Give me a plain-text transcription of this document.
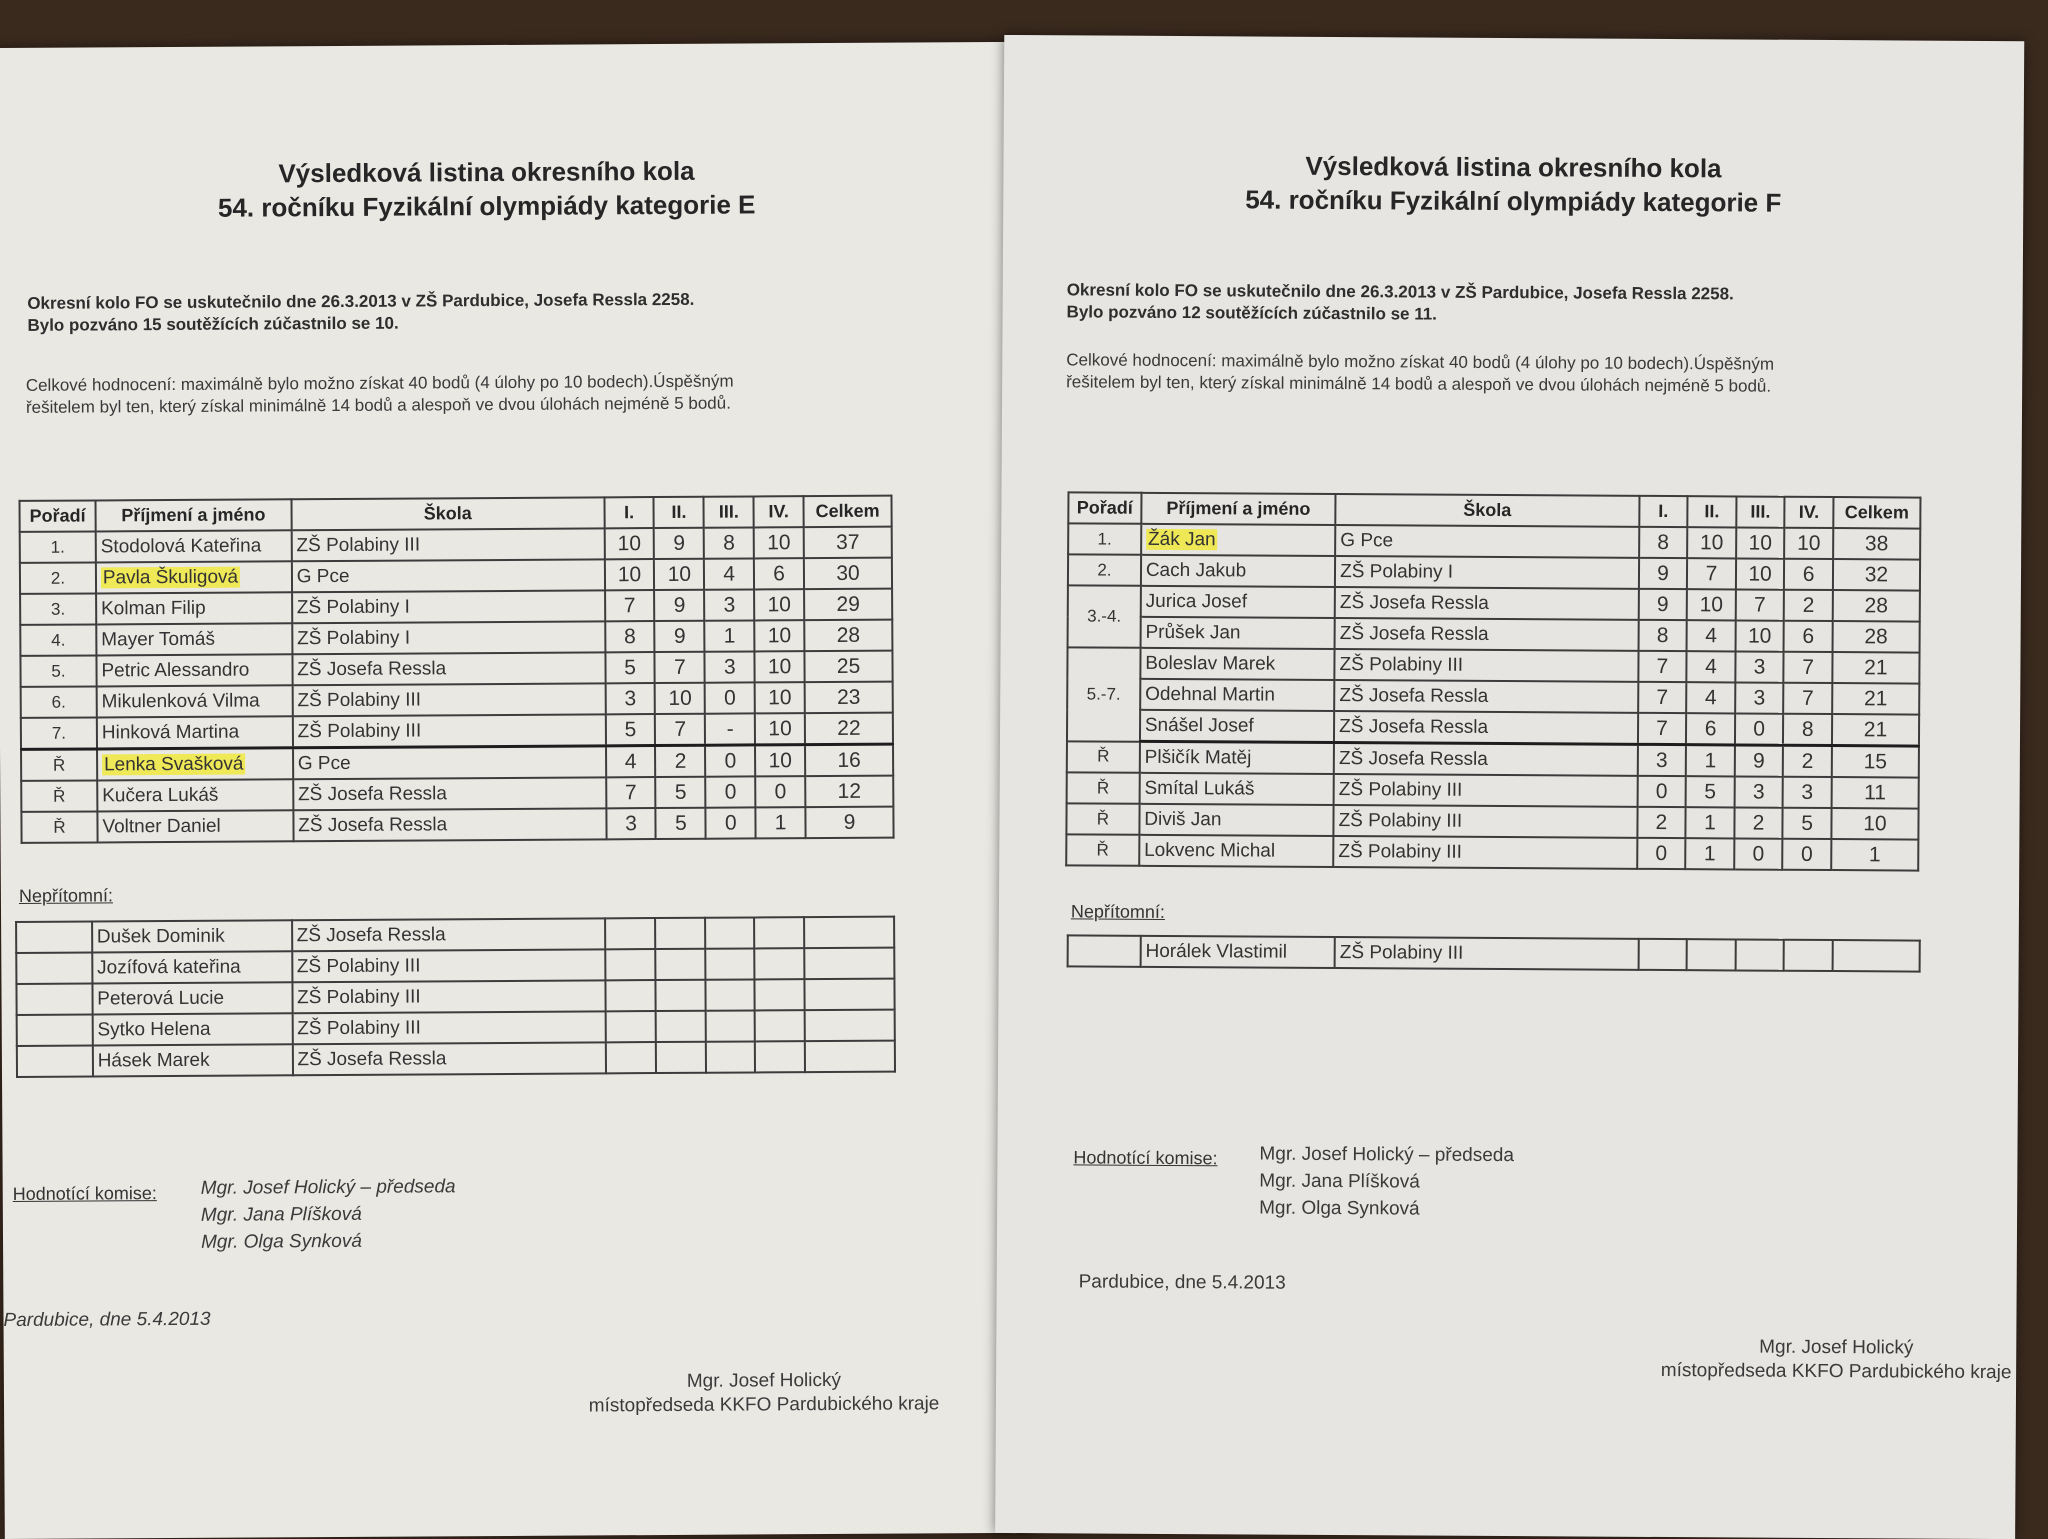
Výsledková listina okresního kola
54. ročníku Fyzikální olympiády kategorie E
Okresní kolo FO se uskutečnilo dne 26.3.2013 v ZŠ Pardubice, Josefa Ressla 2258.
Bylo pozváno 15 soutěžících zúčastnilo se 10.
Celkové hodnocení: maximálně bylo možno získat 40 bodů (4 úlohy po 10 bodech).Úspěšným
řešitelem byl ten, který získal minimálně 14 bodů a alespoň ve dvou úlohách nejméně 5 bodů.
Pořadí	Příjmení a jméno	Škola	I.	II.	III.	IV.	Celkem
1.	Stodolová Kateřina	ZŠ Polabiny III	10	9	8	10	37
2.	Pavla Škuligová	G Pce	10	10	4	6	30
3.	Kolman Filip	ZŠ Polabiny I	7	9	3	10	29
4.	Mayer Tomáš	ZŠ Polabiny I	8	9	1	10	28
5.	Petric Alessandro	ZŠ Josefa Ressla	5	7	3	10	25
6.	Mikulenková Vilma	ZŠ Polabiny III	3	10	0	10	23
7.	Hinková Martina	ZŠ Polabiny III	5	7	-	10	22
Ř	Lenka Svašková	G Pce	4	2	0	10	16
Ř	Kučera Lukáš	ZŠ Josefa Ressla	7	5	0	0	12
Ř	Voltner Daniel	ZŠ Josefa Ressla	3	5	0	1	9
Nepřítomní:
	Dušek Dominik	ZŠ Josefa Ressla					
	Jozífová kateřina	ZŠ Polabiny III					
	Peterová Lucie	ZŠ Polabiny III					
	Sytko Helena	ZŠ Polabiny III					
	Hásek Marek	ZŠ Josefa Ressla					
Hodnotící komise: Mgr. Josef Holický – předseda
Mgr. Jana Plíšková
Mgr. Olga Synková
Pardubice, dne 5.4.2013
Mgr. Josef Holický
místopředseda KKFO Pardubického kraje
Výsledková listina okresního kola
54. ročníku Fyzikální olympiády kategorie F
Okresní kolo FO se uskutečnilo dne 26.3.2013 v ZŠ Pardubice, Josefa Ressla 2258.
Bylo pozváno 12 soutěžících zúčastnilo se 11.
Celkové hodnocení: maximálně bylo možno získat 40 bodů (4 úlohy po 10 bodech).Úspěšným
řešitelem byl ten, který získal minimálně 14 bodů a alespoň ve dvou úlohách nejméně 5 bodů.
Pořadí	Příjmení a jméno	Škola	I.	II.	III.	IV.	Celkem
1.	Žák Jan	G Pce	8	10	10	10	38
2.	Cach Jakub	ZŠ Polabiny I	9	7	10	6	32
3.-4.	Jurica Josef	ZŠ Josefa Ressla	9	10	7	2	28
	Průšek Jan	ZŠ Josefa Ressla	8	4	10	6	28
5.-7.	Boleslav Marek	ZŠ Polabiny III	7	4	3	7	21
	Odehnal Martin	ZŠ Josefa Ressla	7	4	3	7	21
	Snášel Josef	ZŠ Josefa Ressla	7	6	0	8	21
Ř	Plšičík Matěj	ZŠ Josefa Ressla	3	1	9	2	15
Ř	Smítal Lukáš	ZŠ Polabiny III	0	5	3	3	11
Ř	Diviš Jan	ZŠ Polabiny III	2	1	2	5	10
Ř	Lokvenc Michal	ZŠ Polabiny III	0	1	0	0	1
Nepřítomní:
	Horálek Vlastimil	ZŠ Polabiny III					
Hodnotící komise: Mgr. Josef Holický – předseda
Mgr. Jana Plíšková
Mgr. Olga Synková
Pardubice, dne 5.4.2013
Mgr. Josef Holický
místopředseda KKFO Pardubického kraje
